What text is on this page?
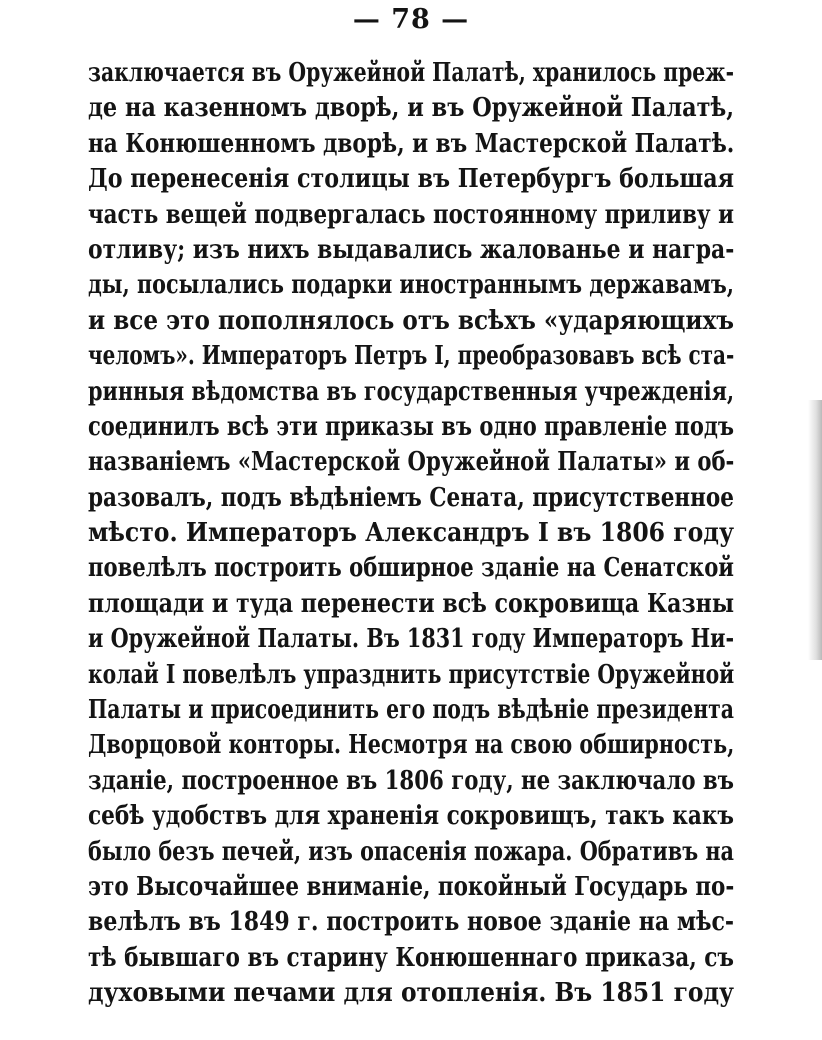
— 78 —
заключается въ Оружейной Палатѣ, хранилось преж-
де на казенномъ дворѣ, и въ Оружейной Палатѣ,
на Конюшенномъ дворѣ, и въ Мастерской Палатѣ.
До перенесенія столицы въ Петербургъ большая
часть вещей подвергалась постоянному приливу и
отливу; изъ нихъ выдавались жалованье и награ-
ды, посылались подарки иностраннымъ державамъ,
и все это пополнялось отъ всѣхъ «ударяющихъ
челомъ». Императоръ Петръ I, преобразовавъ всѣ ста-
ринныя вѣдомства въ государственныя учрежденія,
соединилъ всѣ эти приказы въ одно правленіе подъ
названіемъ «Мастерской Оружейной Палаты» и об-
разовалъ, подъ вѣдѣніемъ Сената, присутственное
мѣсто. Императоръ Александръ I въ 1806 году
повелѣлъ построить обширное зданіе на Сенатской
площади и туда перенести всѣ сокровища Казны
и Оружейной Палаты. Въ 1831 году Императоръ Ни-
колай I повелѣлъ упразднить присутствіе Оружейной
Палаты и присоединить его подъ вѣдѣніе президента
Дворцовой конторы. Несмотря на свою обширность,
зданіе, построенное въ 1806 году, не заключало въ
себѣ удобствъ для храненія сокровищъ, такъ какъ
было безъ печей, изъ опасенія пожара. Обративъ на
это Высочайшее вниманіе, покойный Государь по-
велѣлъ въ 1849 г. построить новое зданіе на мѣс-
тѣ бывшаго въ старину Конюшеннаго приказа, съ
духовыми печами для отопленія. Въ 1851 году
